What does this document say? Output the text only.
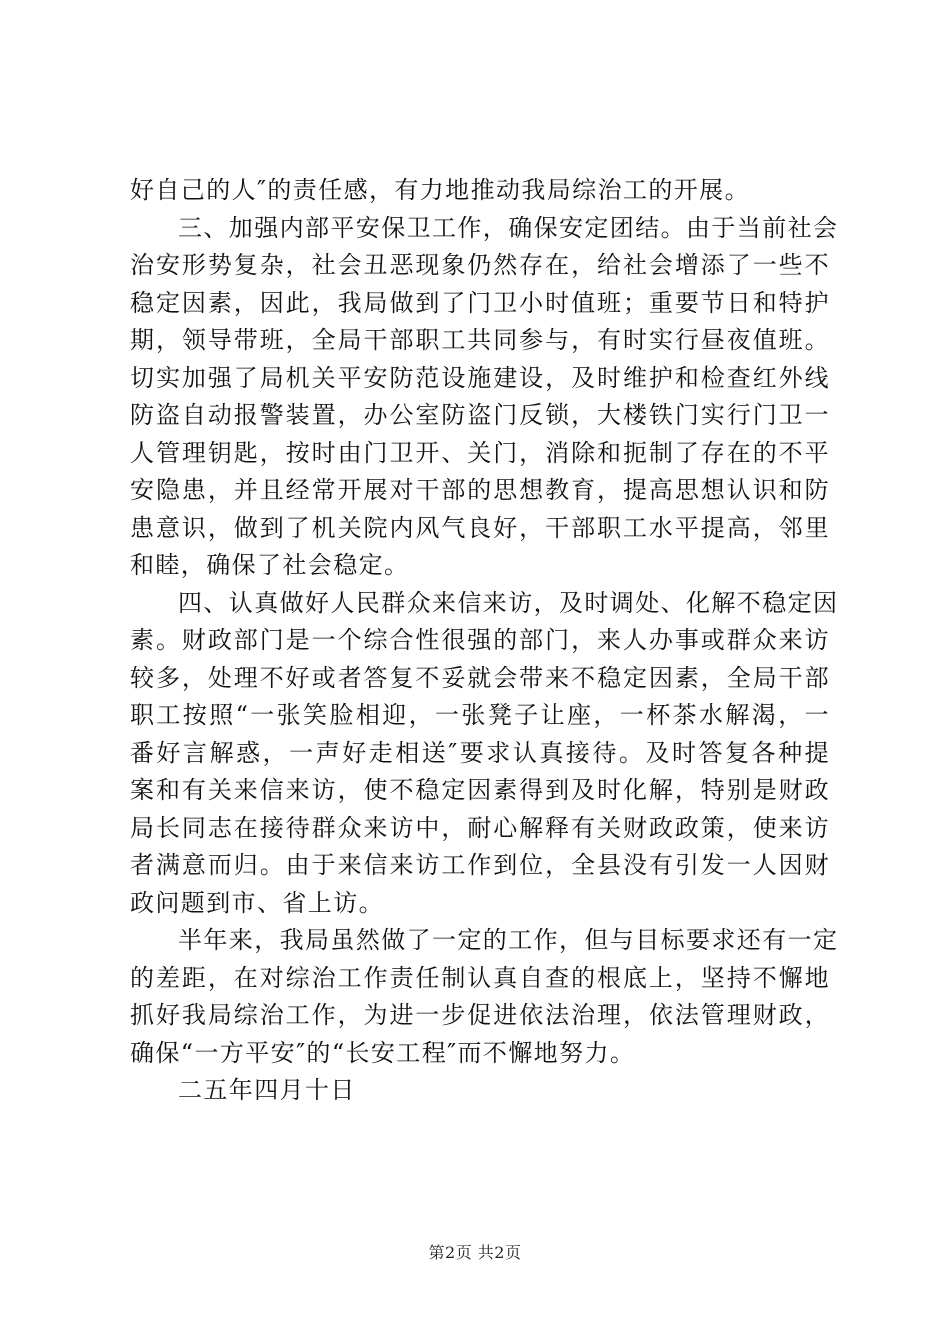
好自己的人″的责任感，有力地推动我局综治工的开展。
三、加强内部平安保卫工作，确保安定团结。由于当前社会
治安形势复杂，社会丑恶现象仍然存在，给社会增添了一些不
稳定因素，因此，我局做到了门卫小时值班；重要节日和特护
期，领导带班，全局干部职工共同参与，有时实行昼夜值班。
切实加强了局机关平安防范设施建设，及时维护和检查红外线
防盗自动报警装置，办公室防盗门反锁，大楼铁门实行门卫一
人管理钥匙，按时由门卫开、关门，消除和扼制了存在的不平
安隐患，并且经常开展对干部的思想教育，提高思想认识和防
患意识，做到了机关院内风气良好，干部职工水平提高，邻里
和睦，确保了社会稳定。
四、认真做好人民群众来信来访，及时调处、化解不稳定因
素。财政部门是一个综合性很强的部门，来人办事或群众来访
较多，处理不好或者答复不妥就会带来不稳定因素，全局干部
职工按照“一张笑脸相迎，一张凳子让座，一杯茶水解渴，一
番好言解惑，一声好走相送″要求认真接待。及时答复各种提
案和有关来信来访，使不稳定因素得到及时化解，特别是财政
局长同志在接待群众来访中，耐心解释有关财政政策，使来访
者满意而归。由于来信来访工作到位，全县没有引发一人因财
政问题到市、省上访。
半年来，我局虽然做了一定的工作，但与目标要求还有一定
的差距，在对综治工作责任制认真自查的根底上，坚持不懈地
抓好我局综治工作，为进一步促进依法治理，依法管理财政，
确保“一方平安″的“长安工程″而不懈地努力。
二五年四月十日
第2页 共2页
